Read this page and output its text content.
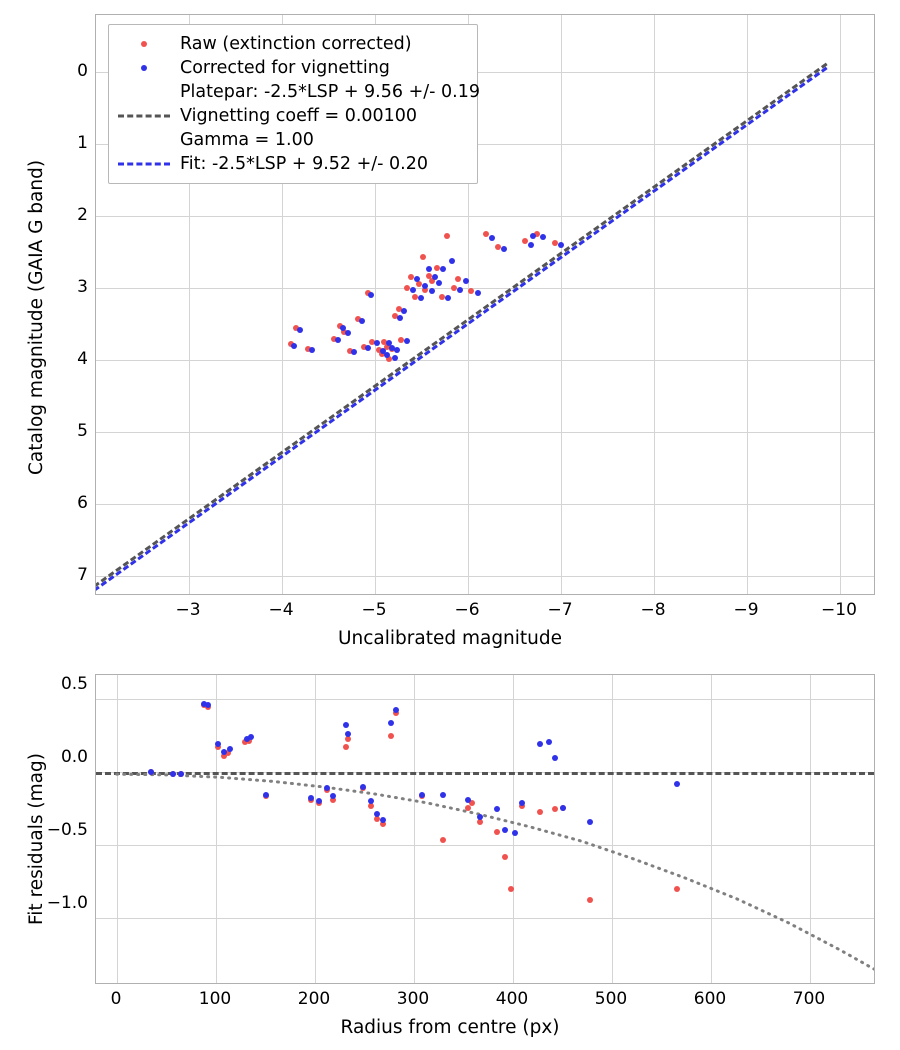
Catalog magnitude (GAIA G band)
Uncalibrated magnitude
0
1
2
3
4
5
6
7
−3	−4	−5	−6	−7	−8	−9	−10
Raw (extinction corrected)
Corrected for vignetting
Platepar: -2.5*LSP + 9.56 +/- 0.19
Vignetting coeff = 0.00100
Gamma = 1.00
Fit: -2.5*LSP + 9.52 +/- 0.20
Fit residuals (mag)
Radius from centre (px)
0.5
0.0
−0.5
−1.0
0	100	200	300	400	500	600	700
